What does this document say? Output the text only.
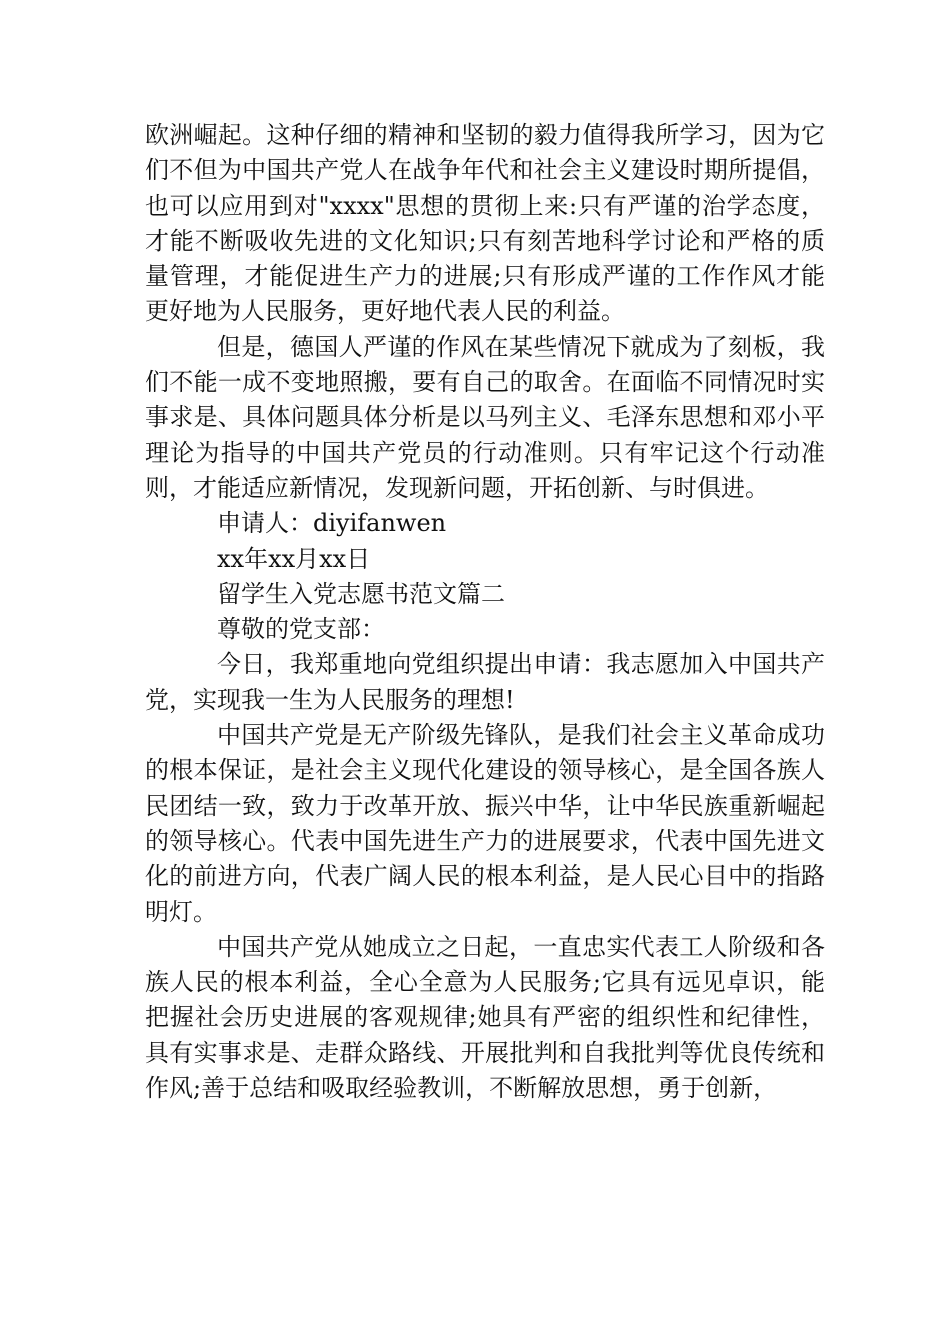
欧洲崛起。这种仔细的精神和坚韧的毅力值得我所学习，因为它们不但为中国共产党人在战争年代和社会主义建设时期所提倡，也可以应用到对"xxxx"思想的贯彻上来:只有严谨的治学态度，才能不断吸收先进的文化知识;只有刻苦地科学讨论和严格的质量管理，才能促进生产力的进展;只有形成严谨的工作作风才能更好地为人民服务，更好地代表人民的利益。

但是，德国人严谨的作风在某些情况下就成为了刻板，我们不能一成不变地照搬，要有自己的取舍。在面临不同情况时实事求是、具体问题具体分析是以马列主义、毛泽东思想和邓小平理论为指导的中国共产党员的行动准则。只有牢记这个行动准则，才能适应新情况，发现新问题，开拓创新、与时俱进。

申请人：diyifanwen

xx年xx月xx日

留学生入党志愿书范文篇二

尊敬的党支部：

今日，我郑重地向党组织提出申请：我志愿加入中国共产党，实现我一生为人民服务的理想!

中国共产党是无产阶级先锋队，是我们社会主义革命成功的根本保证，是社会主义现代化建设的领导核心，是全国各族人民团结一致，致力于改革开放、振兴中华，让中华民族重新崛起的领导核心。代表中国先进生产力的进展要求，代表中国先进文化的前进方向，代表广阔人民的根本利益，是人民心目中的指路明灯。

中国共产党从她成立之日起，一直忠实代表工人阶级和各族人民的根本利益，全心全意为人民服务;它具有远见卓识，能把握社会历史进展的客观规律;她具有严密的组织性和纪律性，具有实事求是、走群众路线、开展批判和自我批判等优良传统和作风;善于总结和吸取经验教训，不断解放思想，勇于创新，
